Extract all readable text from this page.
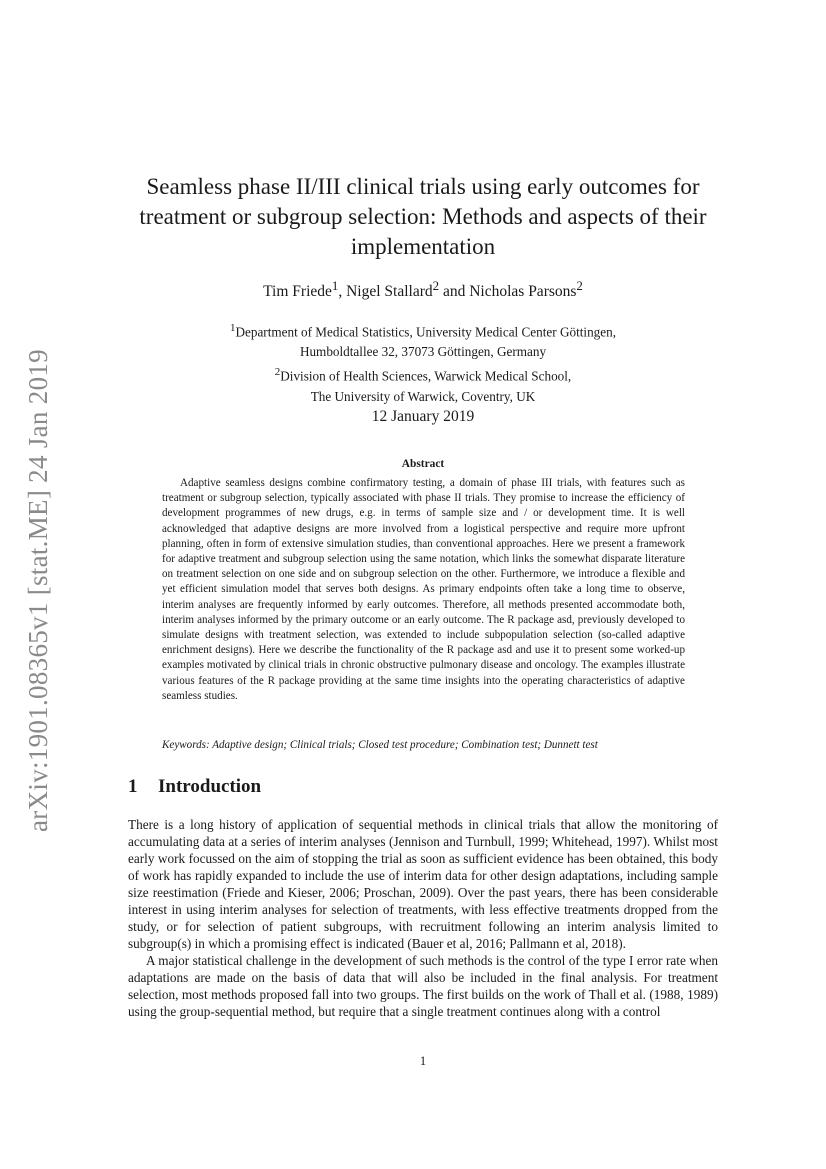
arXiv:1901.08365v1 [stat.ME] 24 Jan 2019
Seamless phase II/III clinical trials using early outcomes for treatment or subgroup selection: Methods and aspects of their implementation
Tim Friede$^1$, Nigel Stallard$^2$ and Nicholas Parsons$^2$
$^1$Department of Medical Statistics, University Medical Center Göttingen,
Humboldtallee 32, 37073 Göttingen, Germany
$^2$Division of Health Sciences, Warwick Medical School,
The University of Warwick, Coventry, UK
12 January 2019
Abstract

Adaptive seamless designs combine confirmatory testing, a domain of phase III trials, with features such as treatment or subgroup selection, typically associated with phase II trials. They promise to increase the efficiency of development programmes of new drugs, e.g. in terms of sample size and / or development time. It is well acknowledged that adaptive designs are more involved from a logistical perspective and require more upfront planning, often in form of extensive simulation studies, than conventional approaches. Here we present a framework for adaptive treatment and subgroup selection using the same notation, which links the somewhat disparate literature on treatment selection on one side and on subgroup selection on the other. Furthermore, we introduce a flexible and yet efficient simulation model that serves both designs. As primary endpoints often take a long time to observe, interim analyses are frequently informed by early outcomes. Therefore, all methods presented accommodate both, interim analyses informed by the primary outcome or an early outcome. The R package asd, previously developed to simulate designs with treatment selection, was extended to include subpopulation selection (so-called adaptive enrichment designs). Here we describe the functionality of the R package asd and use it to present some worked-up examples motivated by clinical trials in chronic obstructive pulmonary disease and oncology. The examples illustrate various features of the R package providing at the same time insights into the operating characteristics of adaptive seamless studies.

Keywords: Adaptive design; Clinical trials; Closed test procedure; Combination test; Dunnett test
1 Introduction

There is a long history of application of sequential methods in clinical trials that allow the monitoring of accumulating data at a series of interim analyses (Jennison and Turnbull, 1999; Whitehead, 1997). Whilst most early work focussed on the aim of stopping the trial as soon as sufficient evidence has been obtained, this body of work has rapidly expanded to include the use of interim data for other design adaptations, including sample size reestimation (Friede and Kieser, 2006; Proschan, 2009). Over the past years, there has been considerable interest in using interim analyses for selection of treatments, with less effective treatments dropped from the study, or for selection of patient subgroups, with recruitment following an interim analysis limited to subgroup(s) in which a promising effect is indicated (Bauer et al, 2016; Pallmann et al, 2018).

A major statistical challenge in the development of such methods is the control of the type I error rate when adaptations are made on the basis of data that will also be included in the final analysis. For treatment selection, most methods proposed fall into two groups. The first builds on the work of Thall et al. (1988, 1989) using the group-sequential method, but require that a single treatment continues along with a control

1
